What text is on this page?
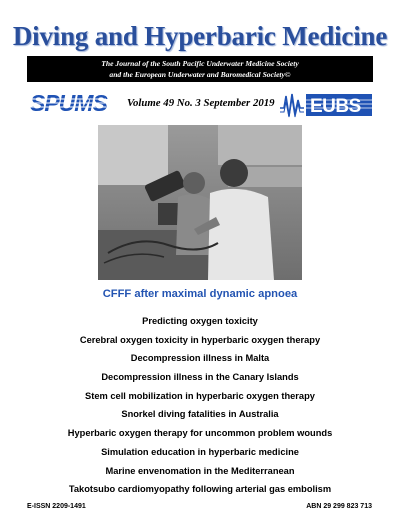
Diving and Hyperbaric Medicine
The Journal of the South Pacific Underwater Medicine Society
and the European Underwater and Baromedical Society©
SPUMS Volume 49 No. 3 September 2019 EUBS
CFFF after maximal dynamic apnoea
Predicting oxygen toxicity
Cerebral oxygen toxicity in hyperbaric oxygen therapy
Decompression illness in Malta
Decompression illness in the Canary Islands
Stem cell mobilization in hyperbaric oxygen therapy
Snorkel diving fatalities in Australia
Hyperbaric oxygen therapy for uncommon problem wounds
Simulation education in hyperbaric medicine
Marine envenomation in the Mediterranean
Takotsubo cardiomyopathy following arterial gas embolism
E-ISSN 2209-1491	ABN 29 299 823 713
